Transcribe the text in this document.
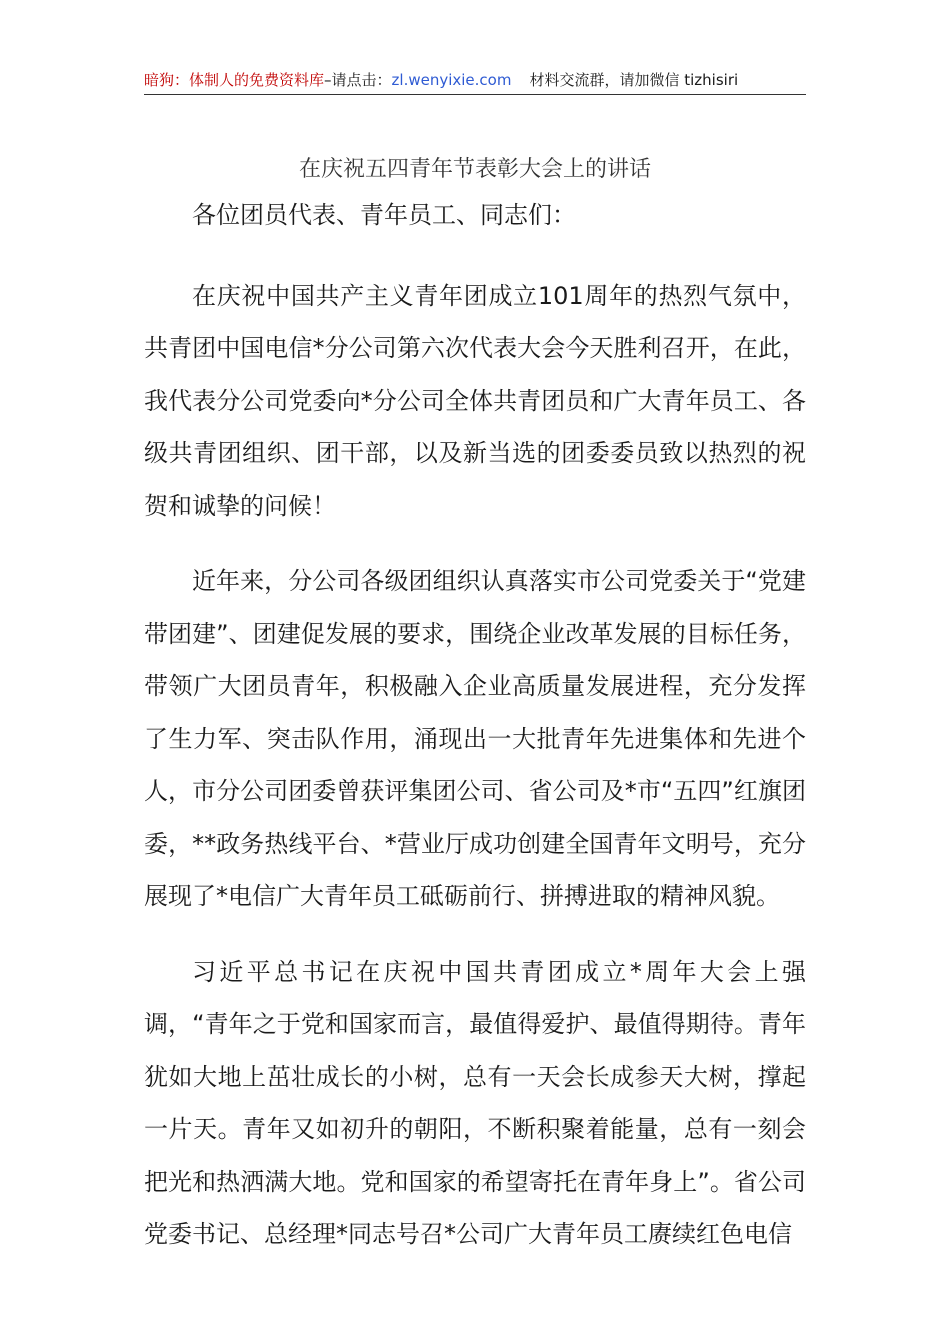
暗狗：体制人的免费资料库–请点击：zl.wenyixie.com 材料交流群，请加微信 tizhisiri
在庆祝五四青年节表彰大会上的讲话

各位团员代表、青年员工、同志们：

在庆祝中国共产主义青年团成立101周年的热烈气氛中，共青团中国电信*分公司第六次代表大会今天胜利召开，在此，我代表分公司党委向*分公司全体共青团员和广大青年员工、各级共青团组织、团干部，以及新当选的团委委员致以热烈的祝贺和诚挚的问候！

近年来，分公司各级团组织认真落实市公司党委关于“党建带团建”、团建促发展的要求，围绕企业改革发展的目标任务，带领广大团员青年，积极融入企业高质量发展进程，充分发挥了生力军、突击队作用，涌现出一大批青年先进集体和先进个人，市分公司团委曾获评集团公司、省公司及*市“五四”红旗团委，**政务热线平台、*营业厅成功创建全国青年文明号，充分展现了*电信广大青年员工砥砺前行、拼搏进取的精神风貌。

习近平总书记在庆祝中国共青团成立*周年大会上强调，“青年之于党和国家而言，最值得爱护、最值得期待。青年犹如大地上茁壮成长的小树，总有一天会长成参天大树，撑起一片天。青年又如初升的朝阳，不断积聚着能量，总有一刻会把光和热洒满大地。党和国家的希望寄托在青年身上”。省公司党委书记、总经理*同志号召*公司广大青年员工赓续红色电信
